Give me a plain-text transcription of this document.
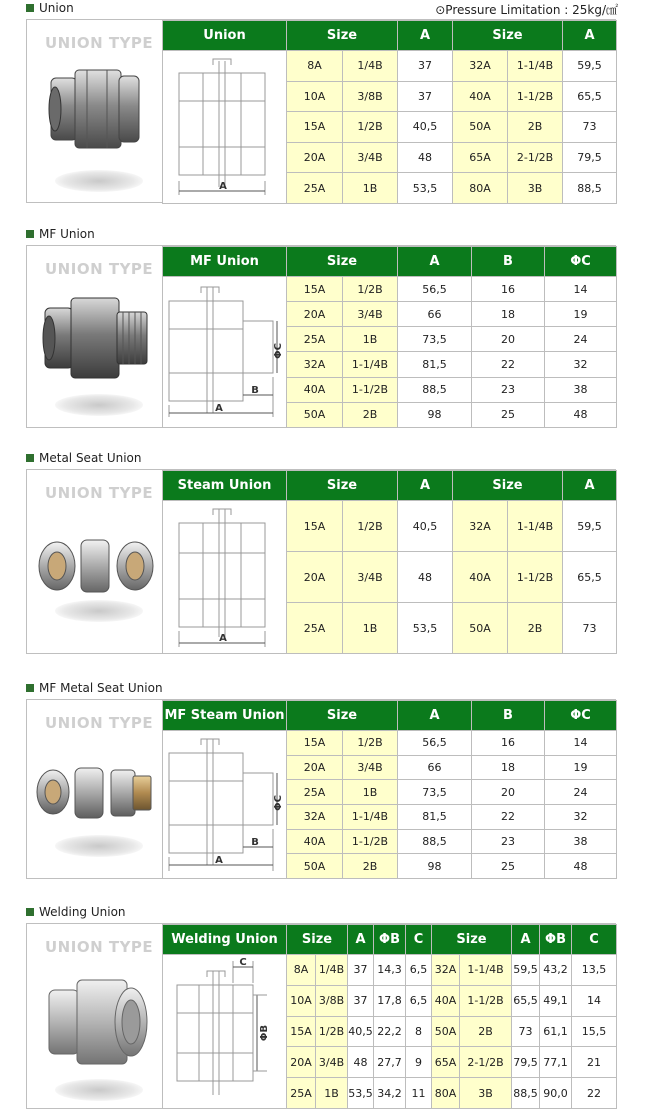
⊙Pressure Limitation : 25kg/㎠
Union
UNION TYPE	Union	Size		A	Size		A

A	8A	1/4B	37	32A	1-1/4B	59,5
	10A	3/8B	37	40A	1-1/2B	65,5
	15A	1/2B	40,5	50A	2B	73
	20A	3/4B	48	65A	2-1/2B	79,5
	25A	1B	53,5	80A	3B	88,5
MF Union
UNION TYPE	MF Union	Size		A	B	ΦC

A
B
ΦC	15A	1/2B	56,5	16	14
	20A	3/4B	66	18	19
	25A	1B	73,5	20	24
	32A	1-1/4B	81,5	22	32
	40A	1-1/2B	88,5	23	38
	50A	2B	98	25	48
Metal Seat Union
UNION TYPE Steam Union	Size		A	Size		A

A	15A	1/2B	40,5	32A	1-1/4B	59,5
	20A	3/4B	48	40A	1-1/2B	65,5
	25A	1B	53,5	50A	2B	73
MF Metal Seat Union
UNION TYPE MF Steam Union	Size		A	B	ΦC

A
B
ΦC	15A	1/2B	56,5	16	14
	20A	3/4B	66	18	19
	25A	1B	73,5	20	24
	32A	1-1/4B	81,5	22	32
	40A	1-1/2B	88,5	23	38
	50A	2B	98	25	48
Welding Union
UNION TYPE Welding Union	Size		A	ΦB	C	Size		A	ΦB	C

C
ΦB	8A	1/4B	37	14,3	6,5	32A	1-1/4B	59,5	43,2	13,5
	10A	3/8B	37	17,8	6,5	40A	1-1/2B	65,5	49,1	14
	15A	1/2B	40,5	22,2	8	50A	2B	73	61,1	15,5
	20A	3/4B	48	27,7	9	65A	2-1/2B	79,5	77,1	21
	25A	1B	53,5	34,2	11	80A	3B	88,5	90,0	22
